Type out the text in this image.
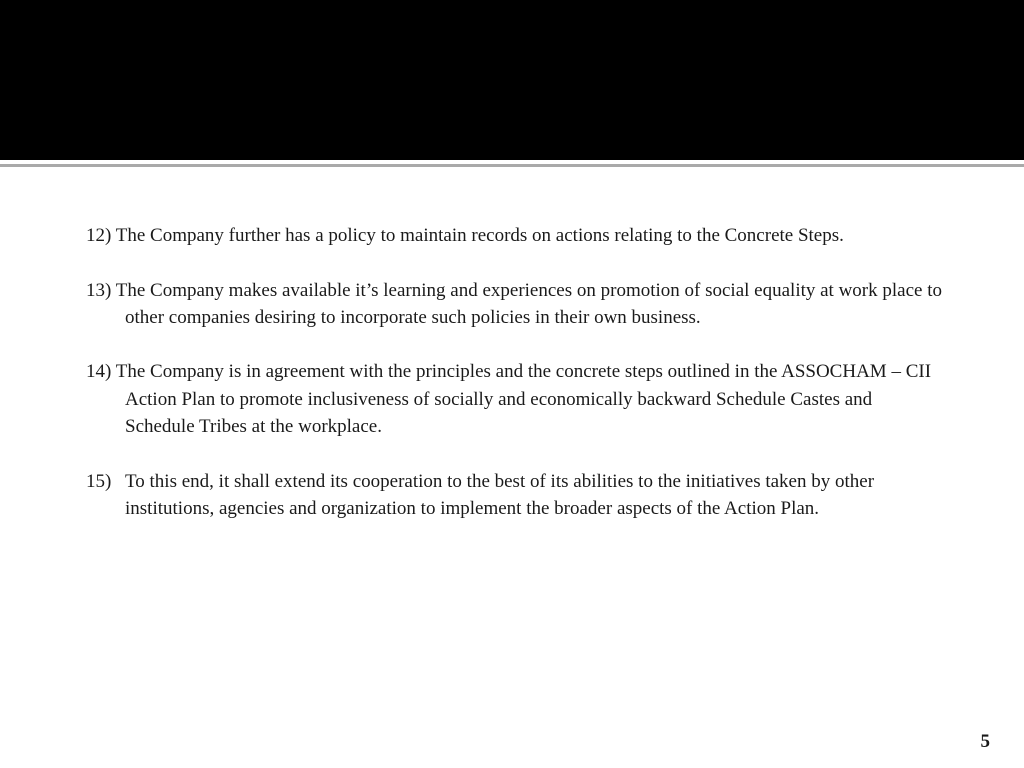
12) The Company further has a policy to maintain records on actions relating to the Concrete Steps.

13) The Company makes available it’s learning and experiences on promotion of social equality at work place to other companies desiring to incorporate such policies in their own business.

14) The Company is in agreement with the principles and the concrete steps outlined in the ASSOCHAM – CII Action Plan to promote inclusiveness of socially and economically backward Schedule Castes and Schedule Tribes at the workplace.

15) To this end, it shall extend its cooperation to the best of its abilities to the initiatives taken by other institutions, agencies and organization to implement the broader aspects of the Action Plan.

5
